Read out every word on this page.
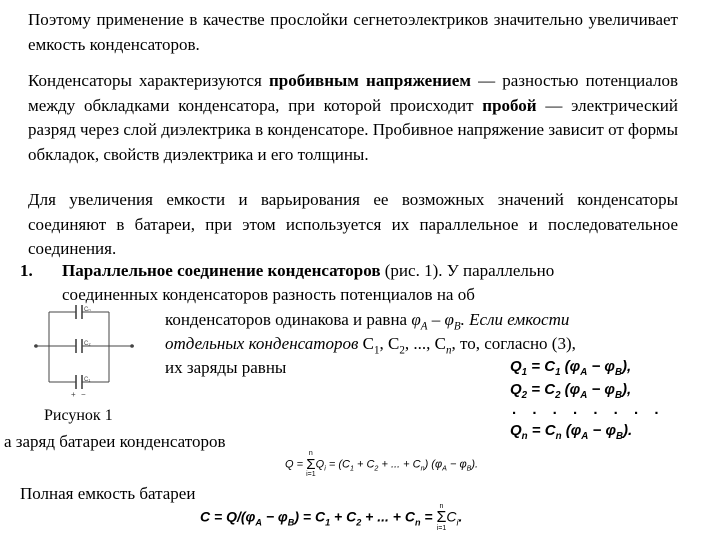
Поэтому применение в качестве прослойки сегнетоэлектриков значительно увеличивает емкость конденсаторов.
Конденсаторы характеризуются пробивным напряжением — разностью потенциалов между обкладками конденсатора, при которой происходит пробой — электрический разряд через слой диэлектрика в конденсаторе. Пробивное напряжение зависит от формы обкладок, свойств диэлектрика и его толщины.
Для увеличения емкости и варьирования ее возможных значений конденсаторы соединяют в батареи, при этом используется их параллельное и последовательное соединения.
1. Параллельное соединение конденсаторов (рис. 1). У параллельно
соединенных конденсаторов разность потенциалов на об
конденсаторов одинакова и равна $\varphi_A - \varphi_B$. Если емкости
отдельных конденсаторов $C_1$, $C_2$, ..., $C_n$, то, согласно (3),
их заряды равны
Cₙ
C₂
C₁
+ −
Рисунок 1
$Q_1 = C_1$ $(\varphi_A - \varphi_B)$,
$Q_2 = C_2$ $(\varphi_A - \varphi_B)$,
. . . . . . . .
$Q_n = C_n$ $(\varphi_A - \varphi_B)$.
а заряд батареи конденсаторов
Q =
n
Σ
i=1
$Q_i = (C_1 + C_2$ + ... + $C_n$) $(\varphi_A - \varphi_B)$.
Полная емкость батареи
$C = Q/(\varphi_A - \varphi_B) = C_1 + C_2$ + ... + $C_n$ =
n
Σ
i=1
$C_i$.
